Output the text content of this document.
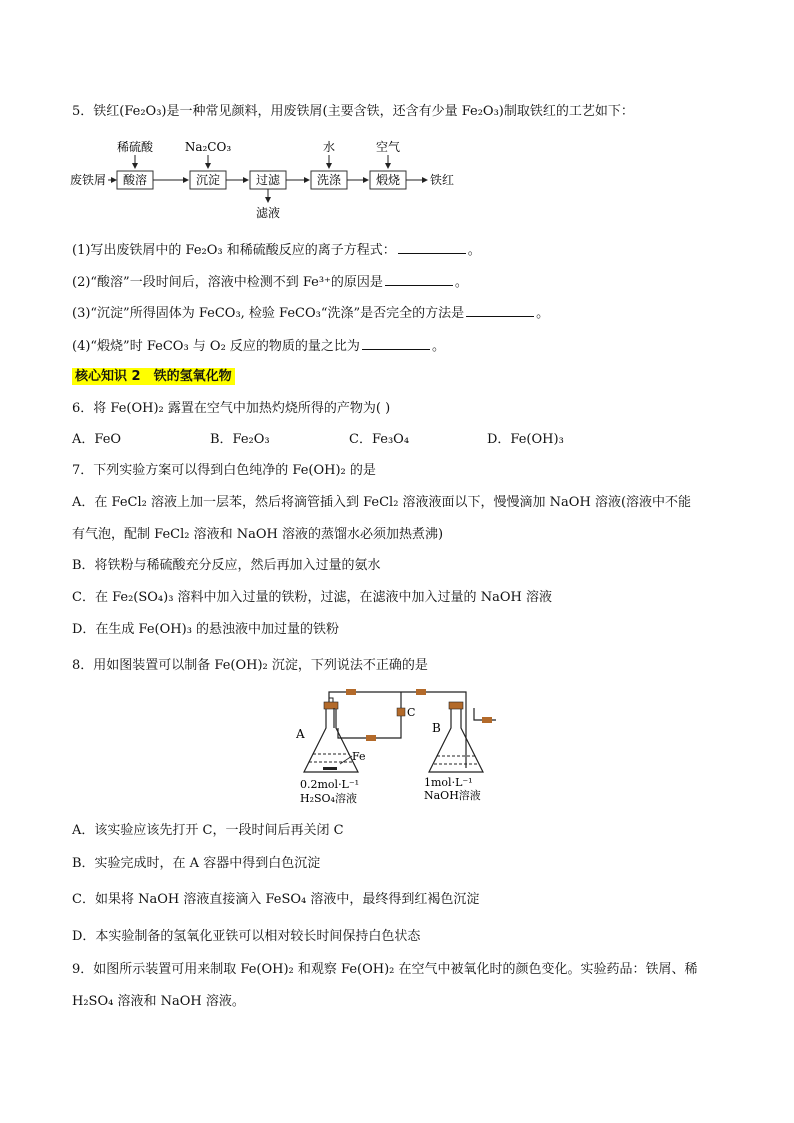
5．铁红(Fe₂O₃)是一种常见颜料，用废铁屑(主要含铁，还含有少量 Fe₂O₃)制取铁红的工艺如下：
稀硫酸	Na₂CO₃	水	空气
废铁屑 酸溶	沉淀	过滤	洗涤	煅烧 铁红
滤液
(1)写出废铁屑中的 Fe₂O₃ 和稀硫酸反应的离子方程式：	。
(2)“酸溶”一段时间后，溶液中检测不到 Fe³⁺的原因是	。
(3)“沉淀”所得固体为 FeCO₃, 检验 FeCO₃“洗涤”是否完全的方法是	。
(4)“煅烧”时 FeCO₃ 与 O₂ 反应的物质的量之比为	。
核心知识 2　铁的氢氧化物
6．将 Fe(OH)₂ 露置在空气中加热灼烧所得的产物为( )
A．FeO	B．Fe₂O₃	C．Fe₃O₄	D．Fe(OH)₃
7．下列实验方案可以得到白色纯净的 Fe(OH)₂ 的是
A．在 FeCl₂ 溶液上加一层苯，然后将滴管插入到 FeCl₂ 溶液液面以下，慢慢滴加 NaOH 溶液(溶液中不能
有气泡，配制 FeCl₂ 溶液和 NaOH 溶液的蒸馏水必须加热煮沸)
B．将铁粉与稀硫酸充分反应，然后再加入过量的氨水
C．在 Fe₂(SO₄)₃ 溶料中加入过量的铁粉，过滤，在滤液中加入过量的 NaOH 溶液
D．在生成 Fe(OH)₃ 的悬浊液中加过量的铁粉
8．用如图装置可以制备 Fe(OH)₂ 沉淀，下列说法不正确的是
C
A	B
Fe
0.2mol·L⁻¹
H₂SO₄溶液
1mol·L⁻¹
NaOH溶液
A．该实验应该先打开 C，一段时间后再关闭 C
B．实验完成时，在 A 容器中得到白色沉淀
C．如果将 NaOH 溶液直接滴入 FeSO₄ 溶液中，最终得到红褐色沉淀
D．本实验制备的氢氧化亚铁可以相对较长时间保持白色状态
9．如图所示装置可用来制取 Fe(OH)₂ 和观察 Fe(OH)₂ 在空气中被氧化时的颜色变化。实验药品：铁屑、稀
H₂SO₄ 溶液和 NaOH 溶液。
